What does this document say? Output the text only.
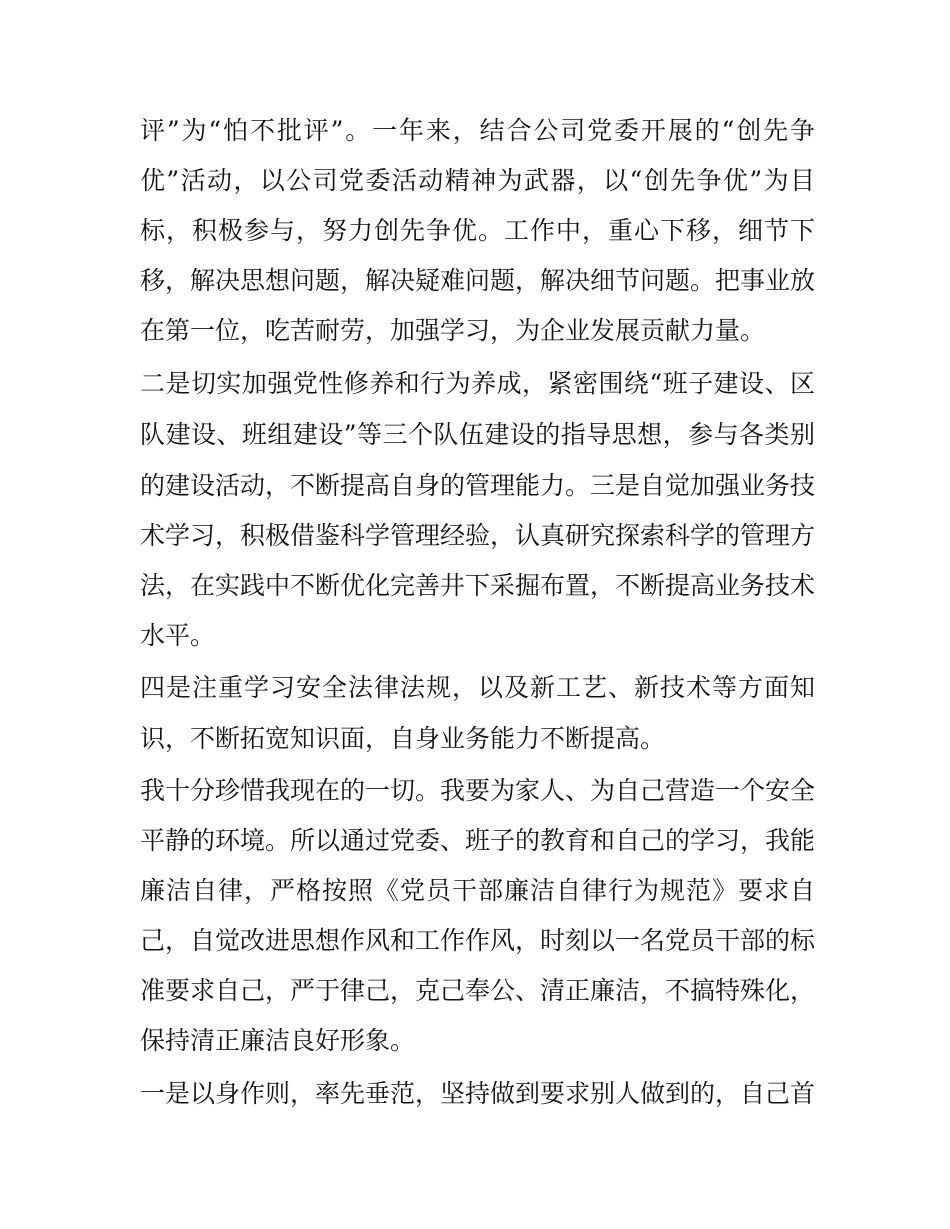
评”为“怕不批评”。一年来，结合公司党委开展的“创先争
优”活动，以公司党委活动精神为武器，以“创先争优”为目
标，积极参与，努力创先争优。工作中，重心下移，细节下
移，解决思想问题，解决疑难问题，解决细节问题。把事业放
在第一位，吃苦耐劳，加强学习，为企业发展贡献力量。
二是切实加强党性修养和行为养成，紧密围绕“班子建设、区
队建设、班组建设”等三个队伍建设的指导思想，参与各类别
的建设活动，不断提高自身的管理能力。三是自觉加强业务技
术学习，积极借鉴科学管理经验，认真研究探索科学的管理方
法，在实践中不断优化完善井下采掘布置，不断提高业务技术
水平。
四是注重学习安全法律法规，以及新工艺、新技术等方面知
识，不断拓宽知识面，自身业务能力不断提高。
我十分珍惜我现在的一切。我要为家人、为自己营造一个安全
平静的环境。所以通过党委、班子的教育和自己的学习，我能
廉洁自律，严格按照《党员干部廉洁自律行为规范》要求自
己，自觉改进思想作风和工作作风，时刻以一名党员干部的标
准要求自己，严于律己，克己奉公、清正廉洁，不搞特殊化，
保持清正廉洁良好形象。
一是以身作则，率先垂范，坚持做到要求别人做到的，自己首
